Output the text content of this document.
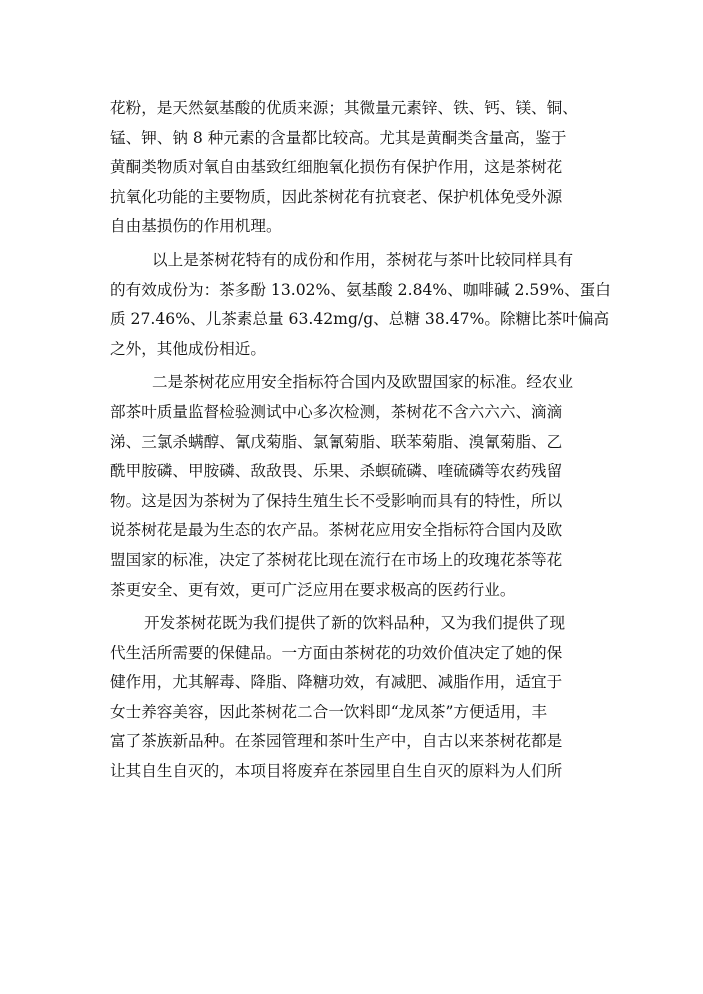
花粉，是天然氨基酸的优质来源；其微量元素锌、铁、钙、镁、铜、
锰、钾、钠 8 种元素的含量都比较高。尤其是黄酮类含量高，鉴于
黄酮类物质对氧自由基致红细胞氧化损伤有保护作用，这是茶树花
抗氧化功能的主要物质，因此茶树花有抗衰老、保护机体免受外源
自由基损伤的作用机理。

以上是茶树花特有的成份和作用，茶树花与茶叶比较同样具有
的有效成份为：茶多酚 13.02%、氨基酸 2.84%、咖啡碱 2.59%、蛋白
质 27.46%、儿茶素总量 63.42mg/g、总糖 38.47%。除糖比茶叶偏高
之外，其他成份相近。

二是茶树花应用安全指标符合国内及欧盟国家的标准。经农业
部茶叶质量监督检验测试中心多次检测，茶树花不含六六六、滴滴
涕、三氯杀螨醇、氰戊菊脂、氯氰菊脂、联苯菊脂、溴氰菊脂、乙
酰甲胺磷、甲胺磷、敌敌畏、乐果、杀螟硫磷、喹硫磷等农药残留
物。这是因为茶树为了保持生殖生长不受影响而具有的特性，所以
说茶树花是最为生态的农产品。茶树花应用安全指标符合国内及欧
盟国家的标准，决定了茶树花比现在流行在市场上的玫瑰花茶等花
茶更安全、更有效，更可广泛应用在要求极高的医药行业。

开发茶树花既为我们提供了新的饮料品种，又为我们提供了现
代生活所需要的保健品。一方面由茶树花的功效价值决定了她的保
健作用，尤其解毒、降脂、降糖功效，有减肥、减脂作用，适宜于
女士养容美容，因此茶树花二合一饮料即“龙凤茶”方便适用，丰
富了茶族新品种。在茶园管理和茶叶生产中，自古以来茶树花都是
让其自生自灭的，本项目将废弃在茶园里自生自灭的原料为人们所
